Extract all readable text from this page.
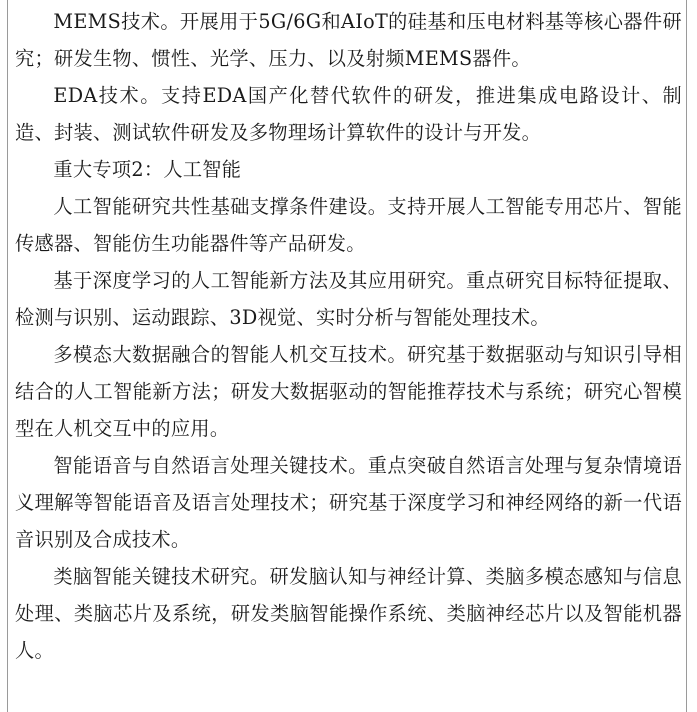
MEMS技术。开展用于5G/6G和AIoT的硅基和压电材料基等核心器件研究；研发生物、惯性、光学、压力、以及射频MEMS器件。

EDA技术。支持EDA国产化替代软件的研发，推进集成电路设计、制造、封装、测试软件研发及多物理场计算软件的设计与开发。

重大专项2：人工智能

人工智能研究共性基础支撑条件建设。支持开展人工智能专用芯片、智能传感器、智能仿生功能器件等产品研发。

基于深度学习的人工智能新方法及其应用研究。重点研究目标特征提取、检测与识别、运动跟踪、3D视觉、实时分析与智能处理技术。

多模态大数据融合的智能人机交互技术。研究基于数据驱动与知识引导相结合的人工智能新方法；研发大数据驱动的智能推荐技术与系统；研究心智模型在人机交互中的应用。

智能语音与自然语言处理关键技术。重点突破自然语言处理与复杂情境语义理解等智能语音及语言处理技术；研究基于深度学习和神经网络的新一代语音识别及合成技术。

类脑智能关键技术研究。研发脑认知与神经计算、类脑多模态感知与信息处理、类脑芯片及系统，研发类脑智能操作系统、类脑神经芯片以及智能机器人。
